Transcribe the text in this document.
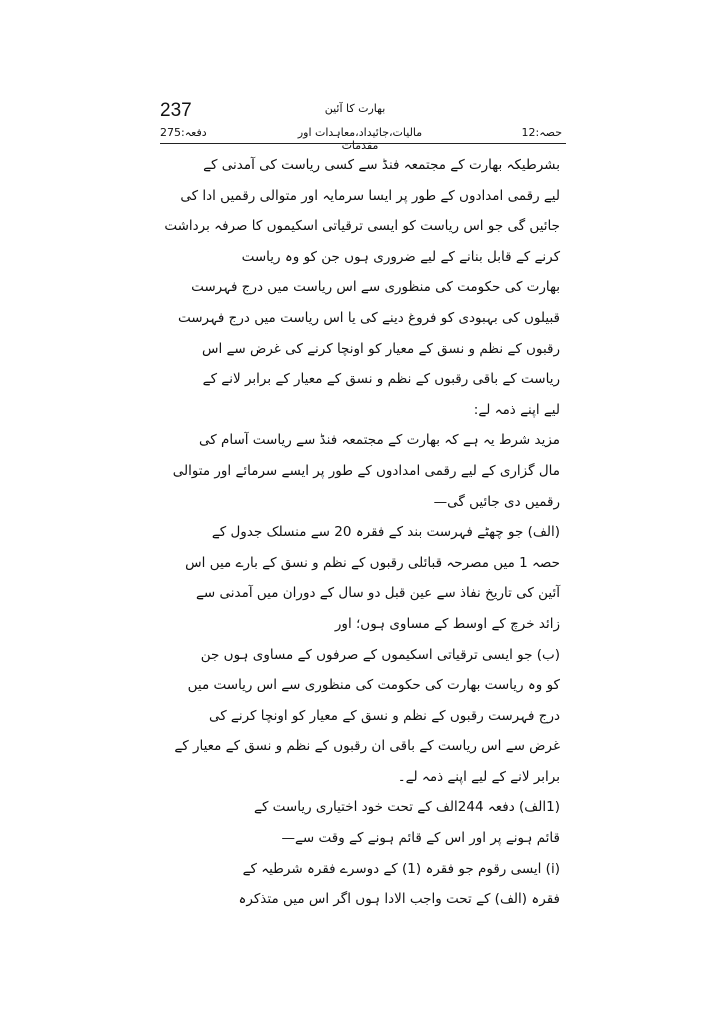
237	بھارت کا آئین
دفعہ:275	مالیات،جائیداد،معاہدات اور مقدمات
حصہ:12
بشرطیکہ بھارت کے مجتمعہ فنڈ سے کسی ریاست کی آمدنی کے
لیے رقمی امدادوں کے طور پر ایسا سرمایہ اور متوالی رقمیں ادا کی
جائیں گی جو اس ریاست کو ایسی ترقیاتی اسکیموں کا صرفہ برداشت
کرنے کے قابل بنانے کے لیے ضروری ہوں جن کو وہ ریاست
بھارت کی حکومت کی منظوری سے اس ریاست میں درج فہرست
قبیلوں کی بہبودی کو فروغ دینے کی یا اس ریاست میں درج فہرست
رقبوں کے نظم و نسق کے معیار کو اونچا کرنے کی غرض سے اس
ریاست کے باقی رقبوں کے نظم و نسق کے معیار کے برابر لانے کے
لیے اپنے ذمہ لے:
مزید شرط یہ ہے کہ بھارت کے مجتمعہ فنڈ سے ریاست آسام کی
مال گزاری کے لیے رقمی امدادوں کے طور پر ایسے سرمائے اور متوالی
رقمیں دی جائیں گی—
(الف) جو چھٹے فہرست بند کے فقرہ 20 سے منسلک جدول کے
حصہ 1 میں مصرحہ قبائلی رقبوں کے نظم و نسق کے بارے میں اس
آئین کی تاریخ نفاذ سے عین قبل دو سال کے دوران میں آمدنی سے
زائد خرچ کے اوسط کے مساوی ہوں؛ اور
(ب) جو ایسی ترقیاتی اسکیموں کے صرفوں کے مساوی ہوں جن
کو وہ ریاست بھارت کی حکومت کی منظوری سے اس ریاست میں
درج فہرست رقبوں کے نظم و نسق کے معیار کو اونچا کرنے کی
غرض سے اس ریاست کے باقی ان رقبوں کے نظم و نسق کے معیار کے
برابر لانے کے لیے اپنے ذمہ لے۔
(1الف) دفعہ 244الف کے تحت خود اختیاری ریاست کے
قائم ہونے پر اور اس کے قائم ہونے کے وقت سے—
(i) ایسی رقوم جو فقرہ (1) کے دوسرے فقرہ شرطیہ کے
فقرہ (الف) کے تحت واجب الادا ہوں اگر اس میں متذکرہ
